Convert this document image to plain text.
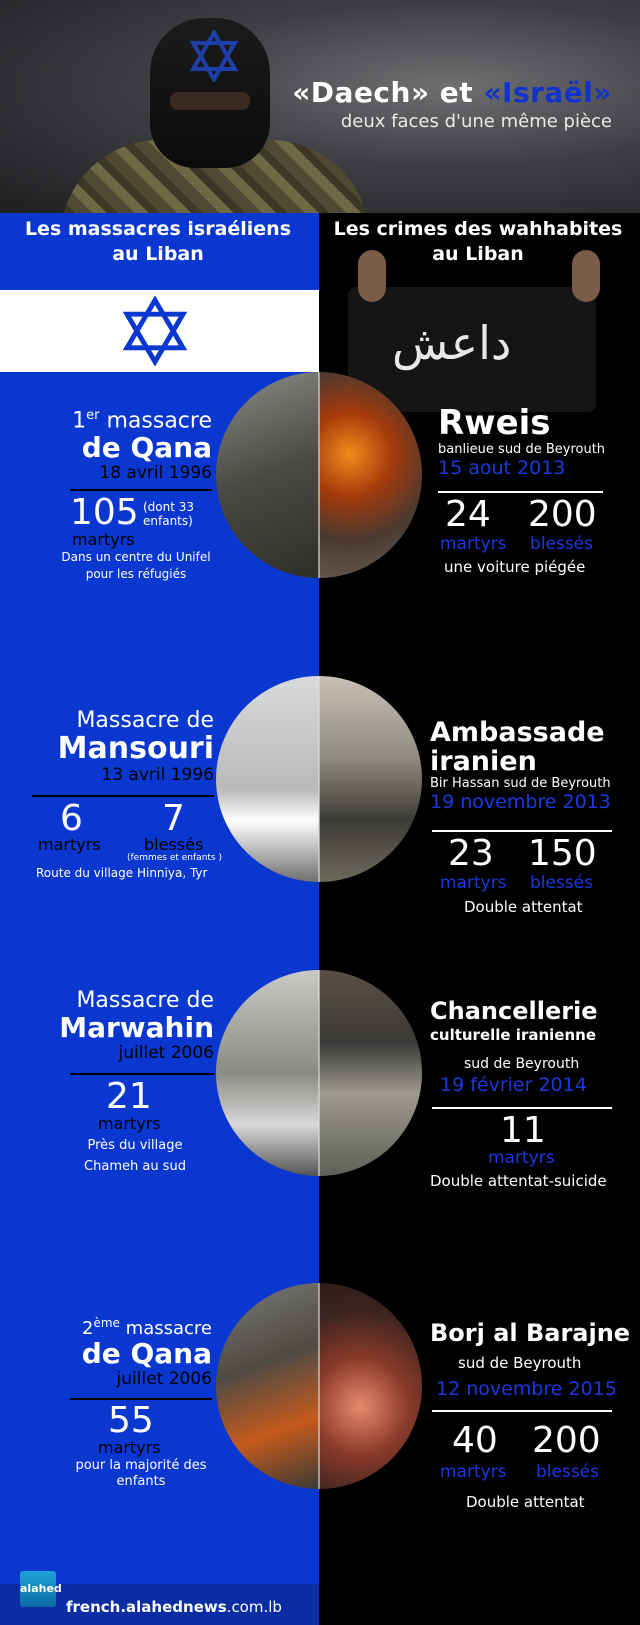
«Daech» et «Israël»
deux faces d'une même pièce
Les massacres israéliens
au Liban
Les crimes des wahhabites
au Liban
داعش
1er massacre
de Qana
18 avril 1996
105 (dont 33
enfants)
martyrs
Dans un centre du Unifel
pour les réfugiés
Rweis
banlieue sud de Beyrouth
15 aout 2013
24 200
martyrs blessés
une voiture piégée
Massacre de
Mansouri
13 avril 1996
6 7
martyrs	blessés
(femmes et enfants )
Route du village Hinniya, Tyr
Ambassade
iranien
Bir Hassan sud de Beyrouth
19 novembre 2013
23 150
martyrs blessés
Double attentat
Massacre de
Marwahin
juillet 2006
21
martyrs
Près du village
Chameh au sud
Chancellerie
culturelle iranienne
sud de Beyrouth
19 février 2014
11
martyrs
Double attentat-suicide
2ème massacre
de Qana
juillet 2006
55
martyrs
pour la majorité des
enfants
Borj al Barajne
sud de Beyrouth
12 novembre 2015
40 200
martyrs blessés
Double attentat
alahed
french.alahednews.com.lb
